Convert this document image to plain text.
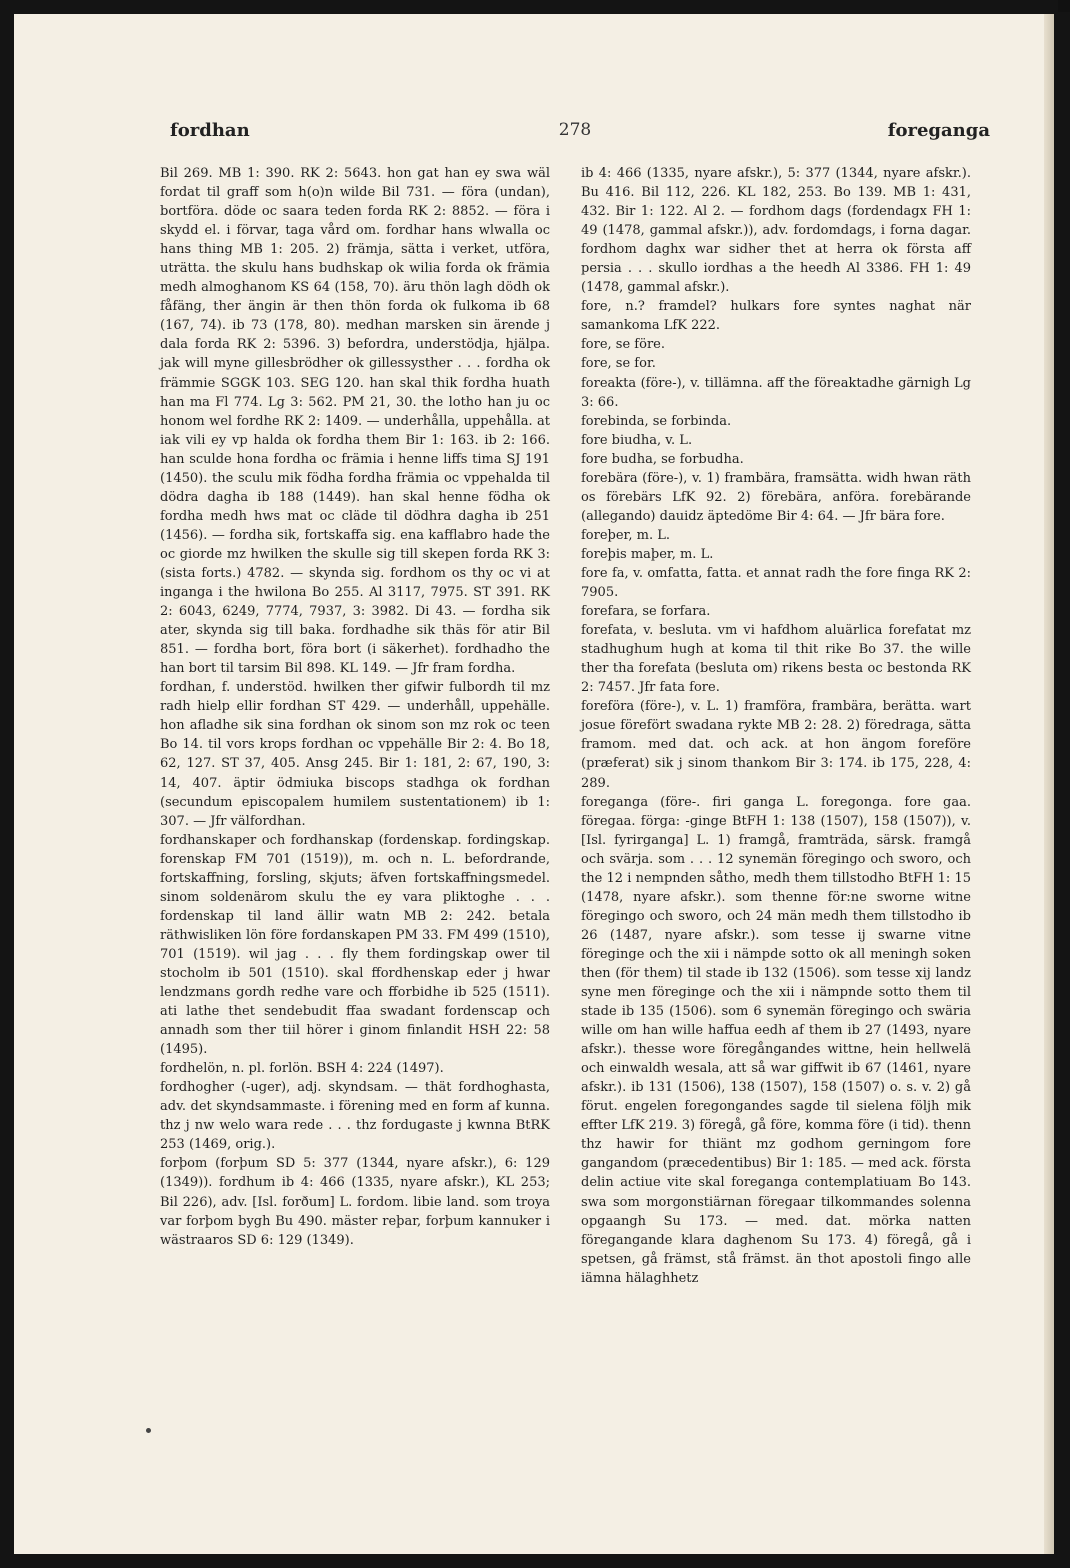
fordhan	278	foreganga

Bil 269. MB 1: 390. RK 2: 5643. hon gat han ey swa wäl fordat til graff som h(o)n wilde Bil 731. — föra (undan), bortföra. döde oc saara teden forda RK 2: 8852. — föra i skydd el. i förvar, taga vård om. fordhar hans wlwalla oc hans thing MB 1: 205. 2) främja, sätta i verket, utföra, uträtta. the skulu hans budhskap ok wilia forda ok främia medh almoghanom KS 64 (158, 70). äru thön lagh dödh ok fåfäng, ther ängin är then thön forda ok fulkoma ib 68 (167, 74). ib 73 (178, 80). medhan marsken sin ärende j dala forda RK 2: 5396. 3) befordra, understödja, hjälpa. jak will myne gillesbrödher ok gillessysther . . . fordha ok främmie SGGK 103. SEG 120. han skal thik fordha huath han ma Fl 774. Lg 3: 562. PM 21, 30. the lotho han ju oc honom wel fordhe RK 2: 1409. — underhålla, uppehålla. at iak vili ey vp halda ok fordha them Bir 1: 163. ib 2: 166. han sculde hona fordha oc främia i henne liffs tima SJ 191 (1450). the sculu mik födha fordha främia oc vppehalda til dödra dagha ib 188 (1449). han skal henne födha ok fordha medh hws mat oc cläde til dödhra dagha ib 251 (1456). — fordha sik, fortskaffa sig. ena kafflabro hade the oc giorde mz hwilken the skulle sig till skepen forda RK 3: (sista forts.) 4782. — skynda sig. fordhom os thy oc vi at inganga i the hwilona Bo 255. Al 3117, 7975. ST 391. RK 2: 6043, 6249, 7774, 7937, 3: 3982. Di 43. — fordha sik ater, skynda sig till baka. fordhadhe sik thäs för atir Bil 851. — fordha bort, föra bort (i säkerhet). fordhadho the han bort til tarsim Bil 898. KL 149. — Jfr fram fordha.

fordhan, f. understöd. hwilken ther gifwir fulbordh til mz radh hielp ellir fordhan ST 429. — underhåll, uppehälle. hon afladhe sik sina fordhan ok sinom son mz rok oc teen Bo 14. til vors krops fordhan oc vppehälle Bir 2: 4. Bo 18, 62, 127. ST 37, 405. Ansg 245. Bir 1: 181, 2: 67, 190, 3: 14, 407. äptir ödmiuka biscops stadhga ok fordhan (secundum episcopalem humilem sustentationem) ib 1: 307. — Jfr välfordhan.

fordhanskaper och fordhanskap (fordenskap. fordingskap. forenskap FM 701 (1519)), m. och n. L. befordrande, fortskaffning, forsling, skjuts; äfven fortskaffningsmedel. sinom soldenärom skulu the ey vara pliktoghe . . . fordenskap til land ällir watn MB 2: 242. betala räthwisliken lön före fordanskapen PM 33. FM 499 (1510), 701 (1519). wil jag . . . fly them fordingskap ower til stocholm ib 501 (1510). skal ffordhenskap eder j hwar lendzmans gordh redhe vare och fforbidhe ib 525 (1511). ati lathe thet sendebudit ffaa swadant fordenscap och annadh som ther tiil hörer i ginom finlandit HSH 22: 58 (1495).

fordhelön, n. pl. forlön. BSH 4: 224 (1497).

fordhogher (-uger), adj. skyndsam. — thät fordhoghasta, adv. det skyndsammaste. i förening med en form af kunna. thz j nw welo wara rede . . . thz fordugaste j kwnna BtRK 253 (1469, orig.).

forþom (forþum SD 5: 377 (1344, nyare afskr.), 6: 129 (1349)). fordhum ib 4: 466 (1335, nyare afskr.), KL 253; Bil 226), adv. [Isl. forðum] L. fordom. libie land. som troya var forþom bygh Bu 490. mäster reþar, forþum kannuker i wästraaros SD 6: 129 (1349).

ib 4: 466 (1335, nyare afskr.), 5: 377 (1344, nyare afskr.). Bu 416. Bil 112, 226. KL 182, 253. Bo 139. MB 1: 431, 432. Bir 1: 122. Al 2. — fordhom dags (fordendagx FH 1: 49 (1478, gammal afskr.)), adv. fordomdags, i forna dagar. fordhom daghx war sidher thet at herra ok första aff persia . . . skullo iordhas a the heedh Al 3386. FH 1: 49 (1478, gammal afskr.).

fore, n.? framdel? hulkars fore syntes naghat när samankoma LfK 222.

fore, se före.

fore, se for.

foreakta (före-), v. tillämna. aff the föreaktadhe gärnigh Lg 3: 66.

forebinda, se forbinda.

fore biudha, v. L.

fore budha, se forbudha.

forebära (före-), v. 1) frambära, framsätta. widh hwan räth os förebärs LfK 92. 2) förebära, anföra. forebärande (allegando) dauidz äptedöme Bir 4: 64. — Jfr bära fore.

foreþer, m. L.

foreþis maþer, m. L.

fore fa, v. omfatta, fatta. et annat radh the fore finga RK 2: 7905.

forefara, se forfara.

forefata, v. besluta. vm vi hafdhom aluärlica forefatat mz stadhughum hugh at koma til thit rike Bo 37. the wille ther tha forefata (besluta om) rikens besta oc bestonda RK 2: 7457. Jfr fata fore.

foreföra (före-), v. L. 1) framföra, frambära, berätta. wart josue förefört swadana rykte MB 2: 28. 2) föredraga, sätta framom. med dat. och ack. at hon ängom foreföre (præferat) sik j sinom thankom Bir 3: 174. ib 175, 228, 4: 289.

foreganga (före-. firi ganga L. foregonga. fore gaa. föregaa. förga: -ginge BtFH 1: 138 (1507), 158 (1507)), v. [Isl. fyrirganga] L. 1) framgå, framträda, särsk. framgå och svärja. som . . . 12 synemän föregingo och sworo, och the 12 i nempnden såtho, medh them tillstodho BtFH 1: 15 (1478, nyare afskr.). som thenne för:ne sworne witne föregingo och sworo, och 24 män medh them tillstodho ib 26 (1487, nyare afskr.). som tesse ij swarne vitne föreginge och the xii i nämpde sotto ok all meningh soken then (för them) til stade ib 132 (1506). som tesse xij landz syne men föreginge och the xii i nämpnde sotto them til stade ib 135 (1506). som 6 synemän föregingo och swäria wille om han wille haffua eedh af them ib 27 (1493, nyare afskr.). thesse wore föregångandes wittne, hein hellwelä och einwaldh wesala, att så war giffwit ib 67 (1461, nyare afskr.). ib 131 (1506), 138 (1507), 158 (1507) o. s. v. 2) gå förut. engelen foregongandes sagde til sielena följh mik effter LfK 219. 3) föregå, gå före, komma före (i tid). thenn thz hawir for thiänt mz godhom gerningom fore gangandom (præcedentibus) Bir 1: 185. — med ack. första delin actiue vite skal foreganga contemplatiuam Bo 143. swa som morgonstiärnan föregaar tilkommandes solenna opgaangh Su 173. — med. dat. mörka natten föregangande klara daghenom Su 173. 4) föregå, gå i spetsen, gå främst, stå främst. än thot apostoli fingo alle iämna hälaghhetz
